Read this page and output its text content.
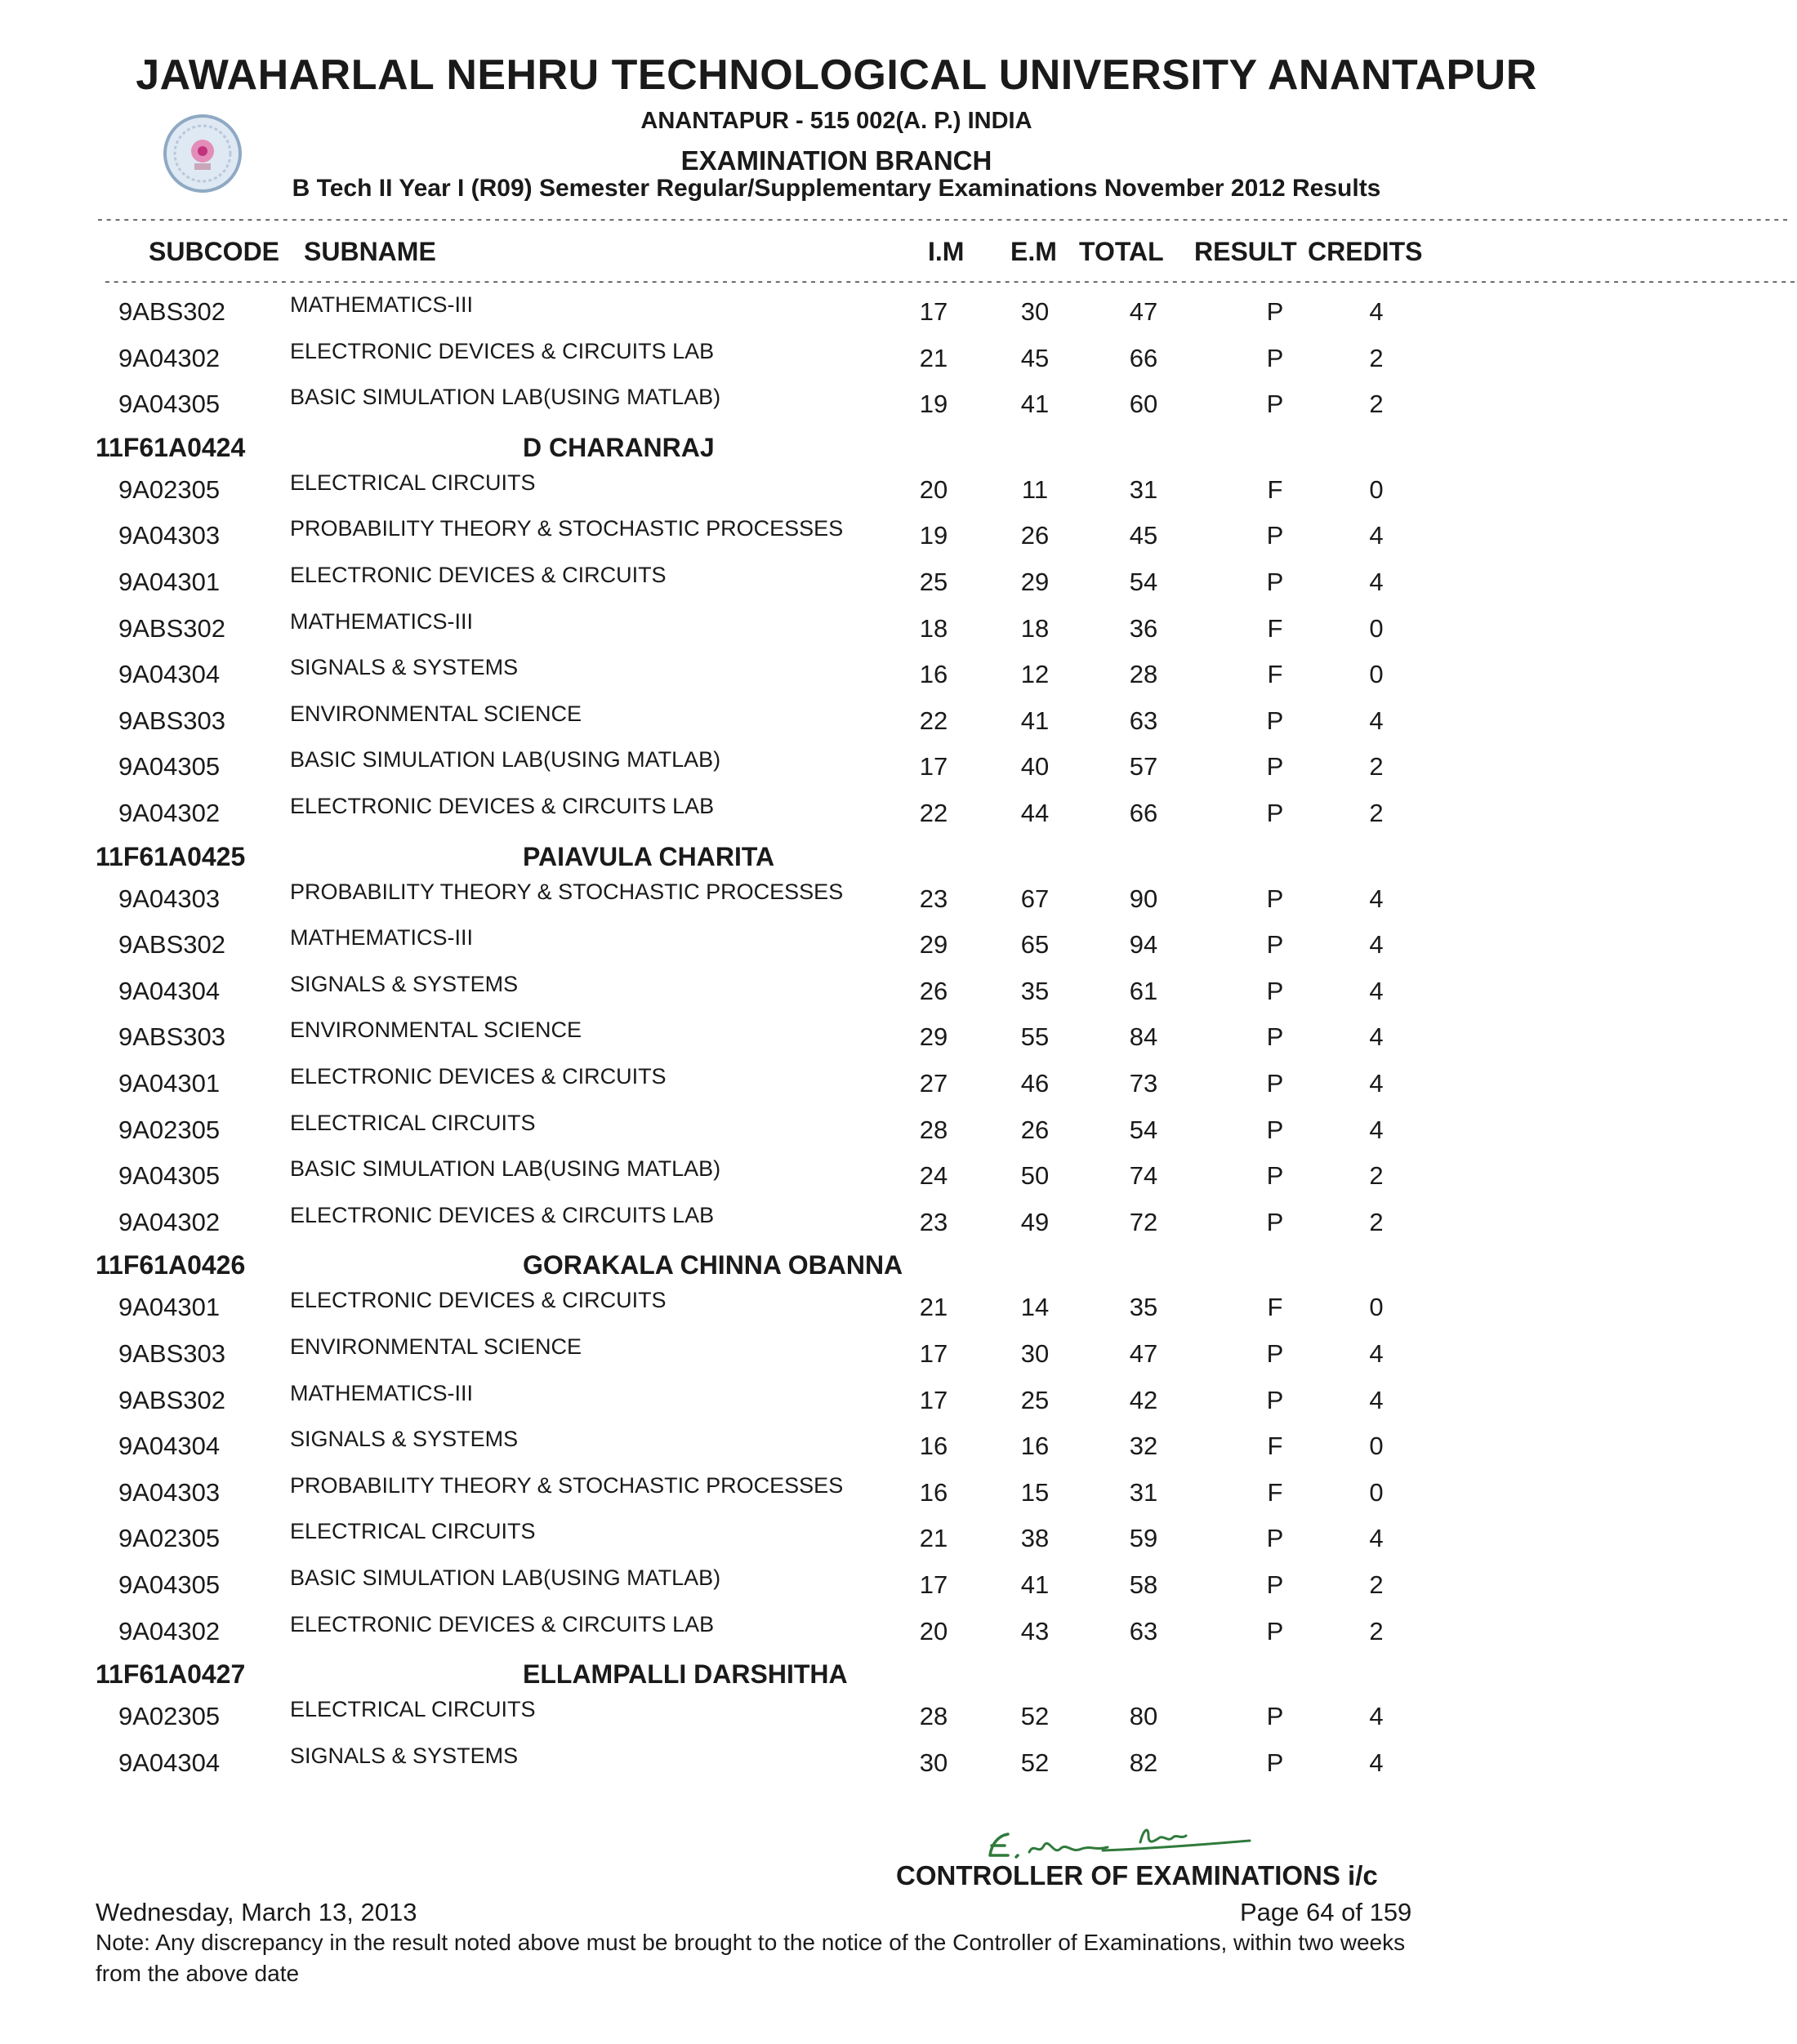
JAWAHARLAL NEHRU TECHNOLOGICAL UNIVERSITY ANANTAPUR
ANANTAPUR - 515 002(A. P.) INDIA
EXAMINATION BRANCH
B Tech II Year I (R09) Semester Regular/Supplementary Examinations November 2012 Results
------------------------------------------------------------------------------------------------------------------------------------------------------------------------------------------------
SUBCODE SUBNAME	I.M E.M TOTAL RESULT CREDITS
------------------------------------------------------------------------------------------------------------------------------------------------------------------------------------------------
9ABS302	MATHEMATICS-III	17	30	47	P	4
9A04302	ELECTRONIC DEVICES & CIRCUITS LAB	21	45	66	P	2
9A04305	BASIC SIMULATION LAB(USING MATLAB)	19	41	60	P	2
11F61A0424	D CHARANRAJ
9A02305	ELECTRICAL CIRCUITS	20	11	31	F	0
9A04303	PROBABILITY THEORY & STOCHASTIC PROCESSES	19	26	45	P	4
9A04301	ELECTRONIC DEVICES & CIRCUITS	25	29	54	P	4
9ABS302	MATHEMATICS-III	18	18	36	F	0
9A04304	SIGNALS & SYSTEMS	16	12	28	F	0
9ABS303	ENVIRONMENTAL SCIENCE	22	41	63	P	4
9A04305	BASIC SIMULATION LAB(USING MATLAB)	17	40	57	P	2
9A04302	ELECTRONIC DEVICES & CIRCUITS LAB	22	44	66	P	2
11F61A0425	PAIAVULA CHARITA
9A04303	PROBABILITY THEORY & STOCHASTIC PROCESSES	23	67	90	P	4
9ABS302	MATHEMATICS-III	29	65	94	P	4
9A04304	SIGNALS & SYSTEMS	26	35	61	P	4
9ABS303	ENVIRONMENTAL SCIENCE	29	55	84	P	4
9A04301	ELECTRONIC DEVICES & CIRCUITS	27	46	73	P	4
9A02305	ELECTRICAL CIRCUITS	28	26	54	P	4
9A04305	BASIC SIMULATION LAB(USING MATLAB)	24	50	74	P	2
9A04302	ELECTRONIC DEVICES & CIRCUITS LAB	23	49	72	P	2
11F61A0426	GORAKALA CHINNA OBANNA
9A04301	ELECTRONIC DEVICES & CIRCUITS	21	14	35	F	0
9ABS303	ENVIRONMENTAL SCIENCE	17	30	47	P	4
9ABS302	MATHEMATICS-III	17	25	42	P	4
9A04304	SIGNALS & SYSTEMS	16	16	32	F	0
9A04303	PROBABILITY THEORY & STOCHASTIC PROCESSES	16	15	31	F	0
9A02305	ELECTRICAL CIRCUITS	21	38	59	P	4
9A04305	BASIC SIMULATION LAB(USING MATLAB)	17	41	58	P	2
9A04302	ELECTRONIC DEVICES & CIRCUITS LAB	20	43	63	P	2
11F61A0427	ELLAMPALLI DARSHITHA
9A02305	ELECTRICAL CIRCUITS	28	52	80	P	4
9A04304	SIGNALS & SYSTEMS	30	52	82	P	4
CONTROLLER OF EXAMINATIONS i/c
Wednesday, March 13, 2013	Page 64 of 159
Note: Any discrepancy in the result noted above must be brought to the notice of the Controller of Examinations, within two weeks from the above date
